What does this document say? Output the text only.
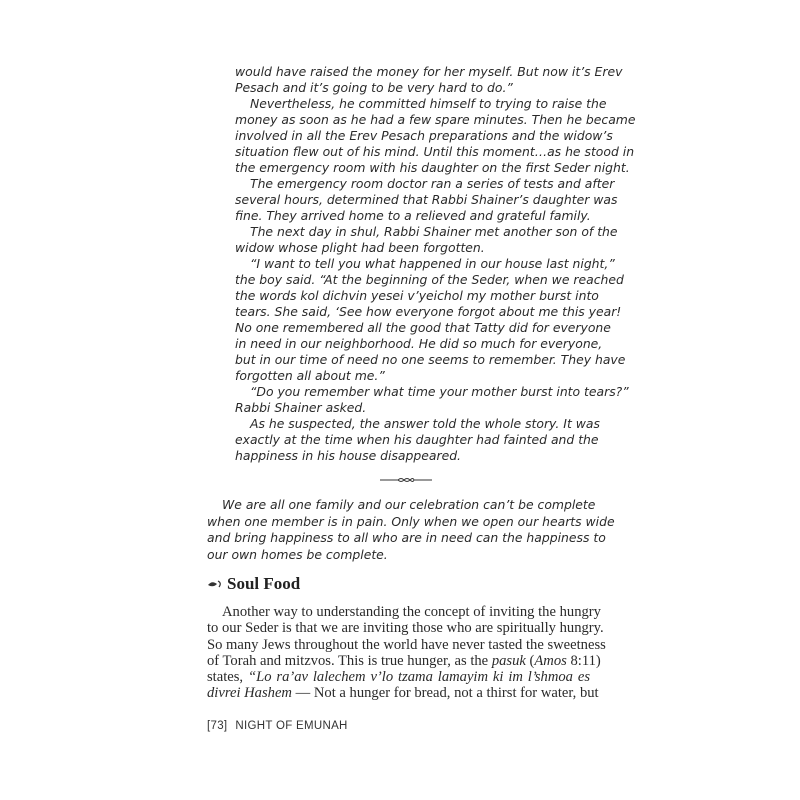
would have raised the money for her myself. But now it’s Erev
Pesach and it’s going to be very hard to do.”
Nevertheless, he committed himself to trying to raise the
money as soon as he had a few spare minutes. Then he became
involved in all the Erev Pesach preparations and the widow’s
situation flew out of his mind. Until this moment…as he stood in
the emergency room with his daughter on the first Seder night.
The emergency room doctor ran a series of tests and after
several hours, determined that Rabbi Shainer’s daughter was
fine. They arrived home to a relieved and grateful family.
The next day in shul, Rabbi Shainer met another son of the
widow whose plight had been forgotten.
“I want to tell you what happened in our house last night,”
the boy said. “At the beginning of the Seder, when we reached
the words kol dichvin yesei v’yeichol my mother burst into
tears. She said, ‘See how everyone forgot about me this year!
No one remembered all the good that Tatty did for everyone
in need in our neighborhood. He did so much for everyone,
but in our time of need no one seems to remember. They have
forgotten all about me.”
“Do you remember what time your mother burst into tears?”
Rabbi Shainer asked.
As he suspected, the answer told the whole story. It was
exactly at the time when his daughter had fainted and the
happiness in his house disappeared.
We are all one family and our celebration can’t be complete
when one member is in pain. Only when we open our hearts wide
and bring happiness to all who are in need can the happiness to
our own homes be complete.
Soul Food
Another way to understanding the concept of inviting the hungry
to our Seder is that we are inviting those who are spiritually hungry.
So many Jews throughout the world have never tasted the sweetness
of Torah and mitzvos. This is true hunger, as the pasuk (Amos 8:11)
states, “Lo ra’av lalechem v’lo tzama lamayim ki im l’shmoa es
divrei Hashem — Not a hunger for bread, not a thirst for water, but
[73] NIGHT OF EMUNAH
